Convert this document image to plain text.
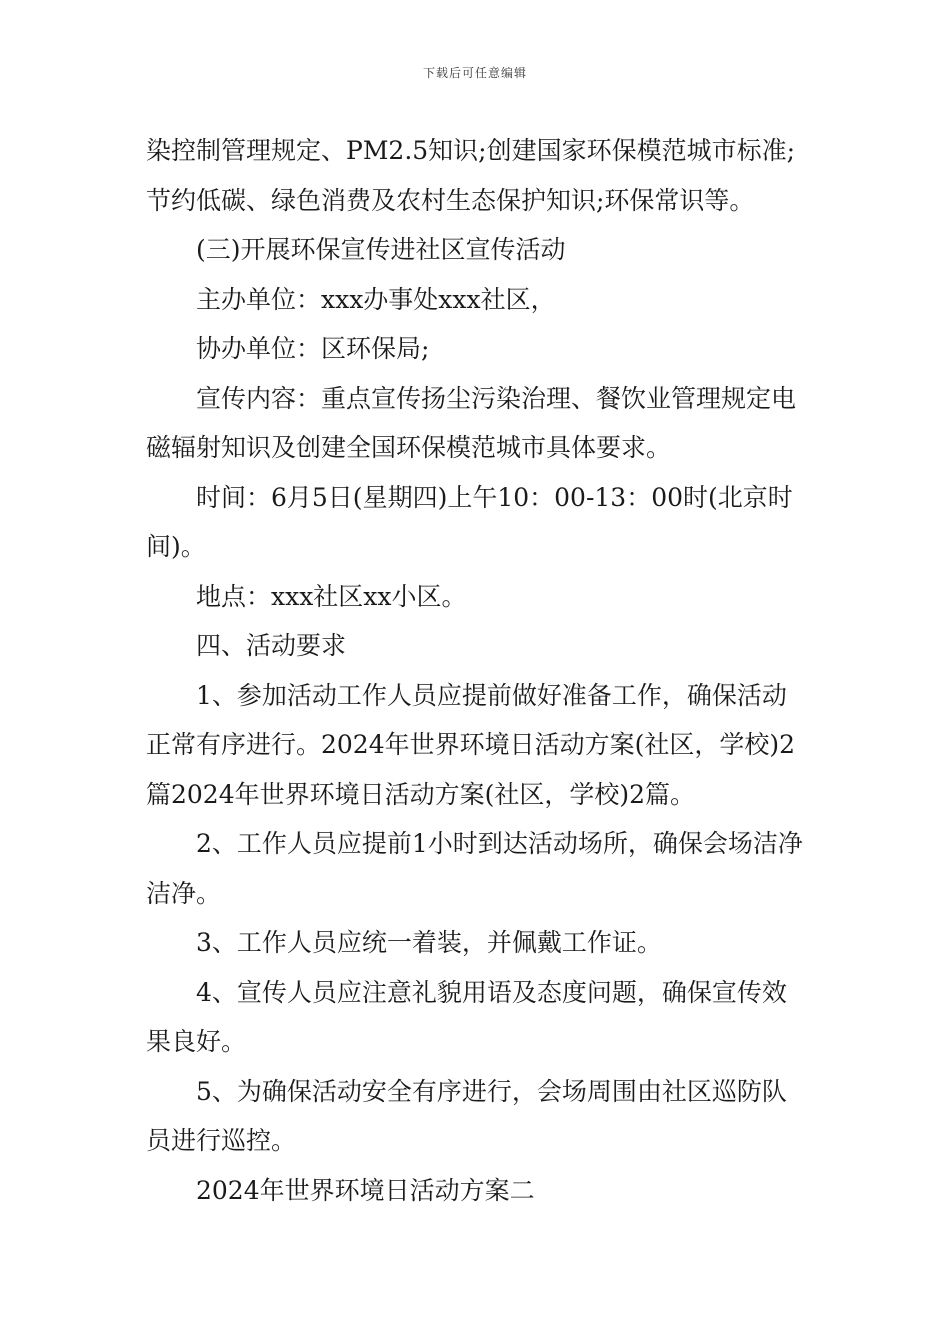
下载后可任意编辑

染控制管理规定、PM2.5知识;创建国家环保模范城市标准;节约低碳、绿色消费及农村生态保护知识;环保常识等。

(三)开展环保宣传进社区宣传活动

主办单位：xxx办事处xxx社区，

协办单位：区环保局;

宣传内容：重点宣传扬尘污染治理、餐饮业管理规定电磁辐射知识及创建全国环保模范城市具体要求。

时间：6月5日(星期四)上午10：00-13：00时(北京时间)。

地点：xxx社区xx小区。

四、活动要求

1、参加活动工作人员应提前做好准备工作，确保活动正常有序进行。2024年世界环境日活动方案(社区，学校)2篇2024年世界环境日活动方案(社区，学校)2篇。

2、工作人员应提前1小时到达活动场所，确保会场洁净洁净。

3、工作人员应统一着装，并佩戴工作证。

4、宣传人员应注意礼貌用语及态度问题，确保宣传效果良好。

5、为确保活动安全有序进行，会场周围由社区巡防队员进行巡控。

2024年世界环境日活动方案二
